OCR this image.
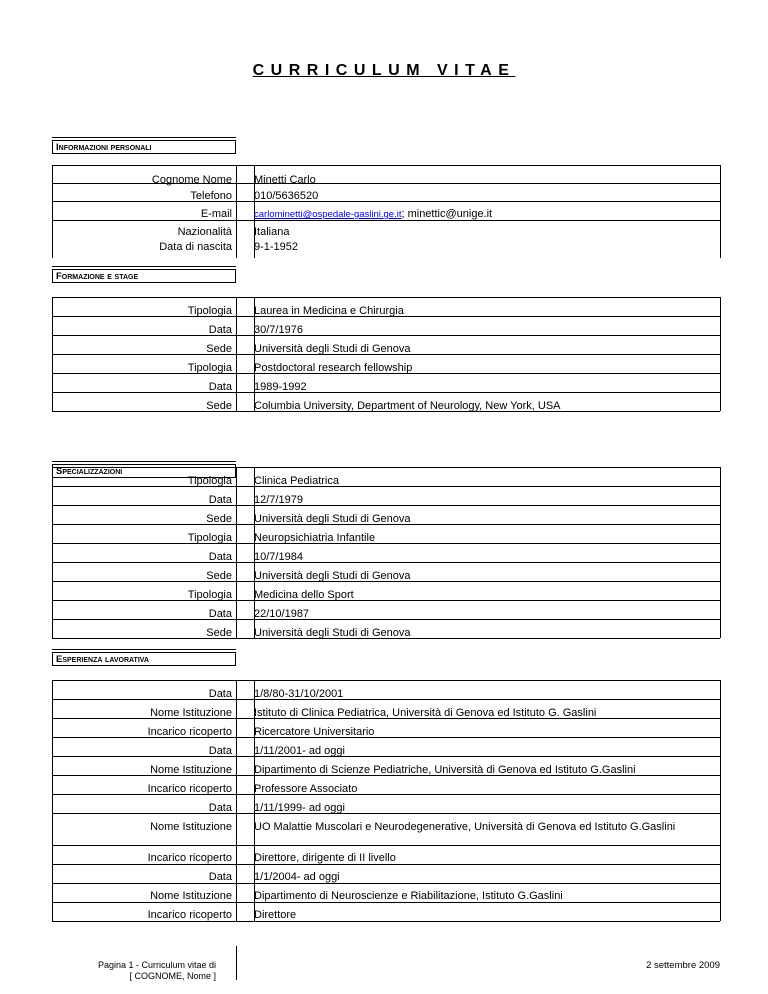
CURRICULUM VITAE
Informazioni personali
Cognome Nome Minetti Carlo
Telefono 010/5636520
E-mail carlominetti@ospedale-gaslini.ge.it; minettic@unige.it
Nazionalità Italiana
Data di nascita 9-1-1952
Formazione e stage
Tipologia Laurea in Medicina e Chirurgia
Data 30/7/1976
Sede Università degli Studi di Genova
Tipologia Postdoctoral research fellowship
Data 1989-1992
Sede Columbia University, Department of Neurology, New York, USA
Specializzazioni
Tipologia Clinica Pediatrica
Data 12/7/1979
Sede Università degli Studi di Genova
Tipologia Neuropsichiatria Infantile
Data 10/7/1984
Sede Università degli Studi di Genova
Tipologia Medicina dello Sport
Data 22/10/1987
Sede Università degli Studi di Genova
Esperienza lavorativa
Data 1/8/80-31/10/2001
Nome Istituzione Istituto di Clinica Pediatrica, Università di Genova ed Istituto G. Gaslini
Incarico ricoperto Ricercatore Universitario
Data 1/11/2001- ad oggi
Nome Istituzione Dipartimento di Scienze Pediatriche, Università di Genova ed Istituto G.Gaslini
Incarico ricoperto Professore Associato
Data 1/11/1999- ad oggi
Nome Istituzione UO Malattie Muscolari e Neurodegenerative, Università di Genova ed Istituto G.Gaslini
Incarico ricoperto Direttore, dirigente di II livello
Data 1/1/2004- ad oggi
Nome Istituzione Dipartimento di Neuroscienze e Riabilitazione, Istituto G.Gaslini
Incarico ricoperto Direttore
Pagina 1 - Curriculum vitae di
[ COGNOME, Nome ]
2 settembre 2009
